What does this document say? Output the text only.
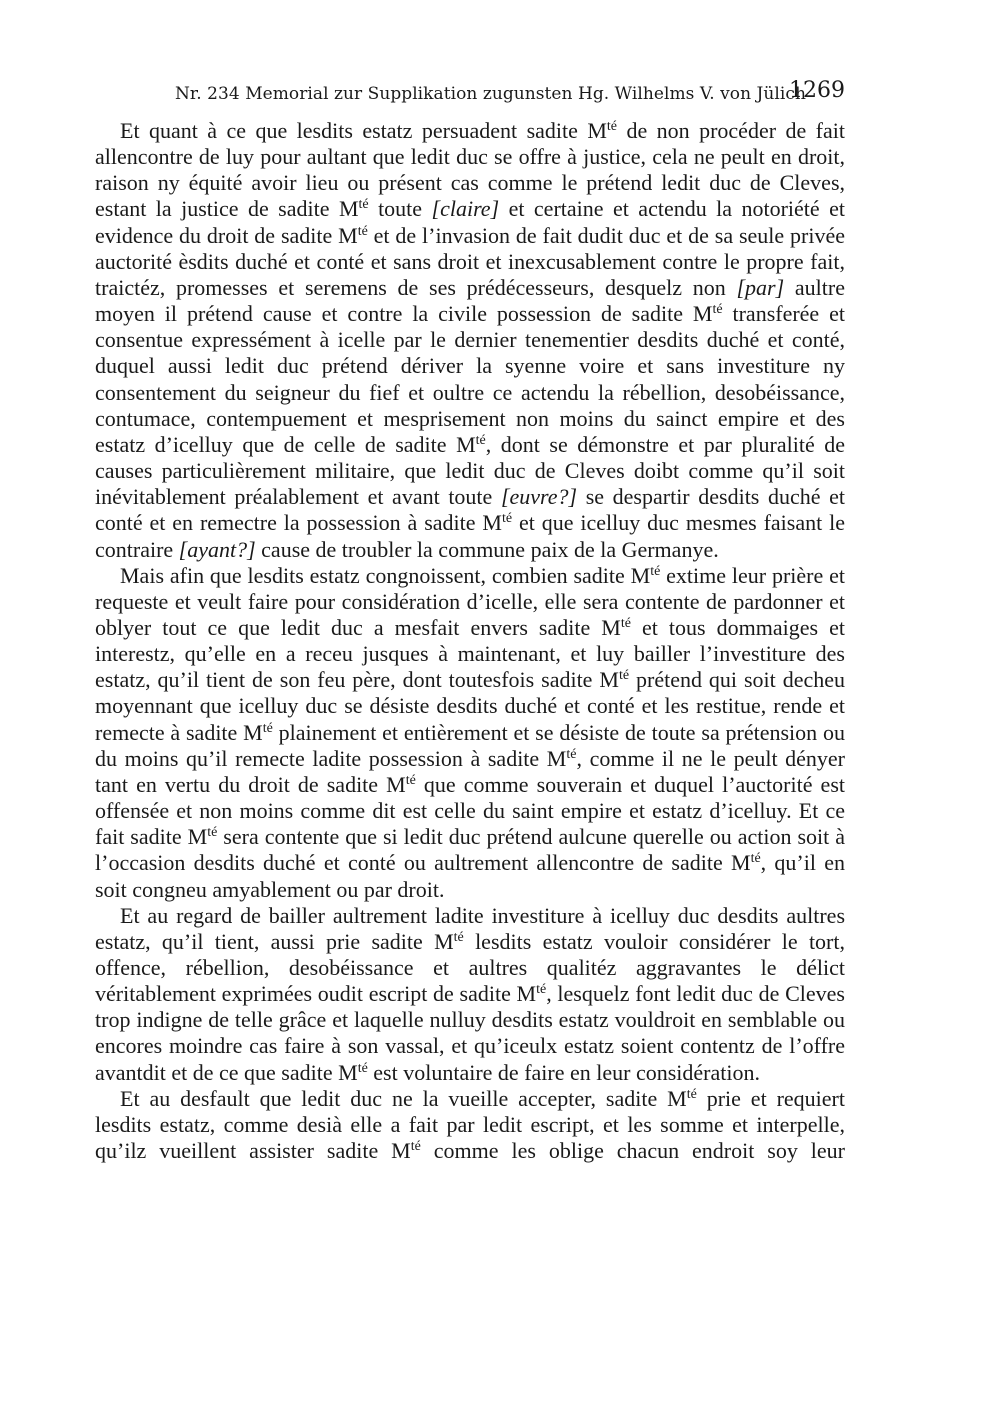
Nr. 234 Memorial zur Supplikation zugunsten Hg. Wilhelms V. von Jülich
1269

Et quant à ce que lesdits estatz persuadent sadite $M^{té}$ de non procéder de fait allencontre de luy pour aultant que ledit duc se offre à justice, cela ne peult en droit, raison ny équité avoir lieu ou présent cas comme le prétend ledit duc de Cleves, estant la justice de sadite $M^{té}$ toute [claire] et certaine et actendu la notoriété et evidence du droit de sadite $M^{té}$ et de l’invasion de fait dudit duc et de sa seule privée auctorité èsdits duché et conté et sans droit et inexcusablement contre le propre fait, traictéz, promesses et seremens de ses prédécesseurs, desquelz non [par] aultre moyen il prétend cause et contre la civile possession de sadite $M^{té}$ transferée et consentue expressément à icelle par le dernier tenementier desdits duché et conté, duquel aussi ledit duc prétend dériver la syenne voire et sans investiture ny consentement du seigneur du fief et oultre ce actendu la rébellion, desobéissance, contumace, contempuement et mesprisement non moins du sainct empire et des estatz d’icelluy que de celle de sadite $M^{té}$, dont se démonstre et par pluralité de causes particulièrement militaire, que ledit duc de Cleves doibt comme qu’il soit inévitablement préalablement et avant toute [euvre?] se despartir desdits duché et conté et en remectre la possession à sadite $M^{té}$ et que icelluy duc mesmes faisant le contraire [ayant?] cause de troubler la commune paix de la Germanye.

Mais afin que lesdits estatz congnoissent, combien sadite $M^{té}$ extime leur prière et requeste et veult faire pour considération d’icelle, elle sera contente de pardonner et oblyer tout ce que ledit duc a mesfait envers sadite $M^{té}$ et tous dommaiges et interestz, qu’elle en a receu jusques à maintenant, et luy bailler l’investiture des estatz, qu’il tient de son feu père, dont toutesfois sadite $M^{té}$ prétend qui soit decheu moyennant que icelluy duc se désiste desdits duché et conté et les restitue, rende et remecte à sadite $M^{té}$ plainement et entièrement et se désiste de toute sa prétension ou du moins qu’il remecte ladite possession à sadite $M^{té}$, comme il ne le peult dényer tant en vertu du droit de sadite $M^{té}$ que comme souverain et duquel l’auctorité est offensée et non moins comme dit est celle du saint empire et estatz d’icelluy. Et ce fait sadite $M^{té}$ sera contente que si ledit duc prétend aulcune querelle ou action soit à l’occasion desdits duché et conté ou aultrement allencontre de sadite $M^{té}$, qu’il en soit congneu amyablement ou par droit.

Et au regard de bailler aultrement ladite investiture à icelluy duc desdits aultres estatz, qu’il tient, aussi prie sadite $M^{té}$ lesdits estatz vouloir considérer le tort, offence, rébellion, desobéissance et aultres qualitéz aggravantes le délict véritablement exprimées oudit escript de sadite $M^{té}$, lesquelz font ledit duc de Cleves trop indigne de telle grâce et laquelle nulluy desdits estatz vouldroit en semblable ou encores moindre cas faire à son vassal, et qu’iceulx estatz soient contentz de l’offre avantdit et de ce que sadite $M^{té}$ est voluntaire de faire en leur considération.

Et au desfault que ledit duc ne la vueille accepter, sadite $M^{té}$ prie et requiert lesdits estatz, comme desià elle a fait par ledit escript, et les somme et interpelle, qu’ilz vueillent assister sadite $M^{té}$ comme les oblige chacun endroit soy leur
